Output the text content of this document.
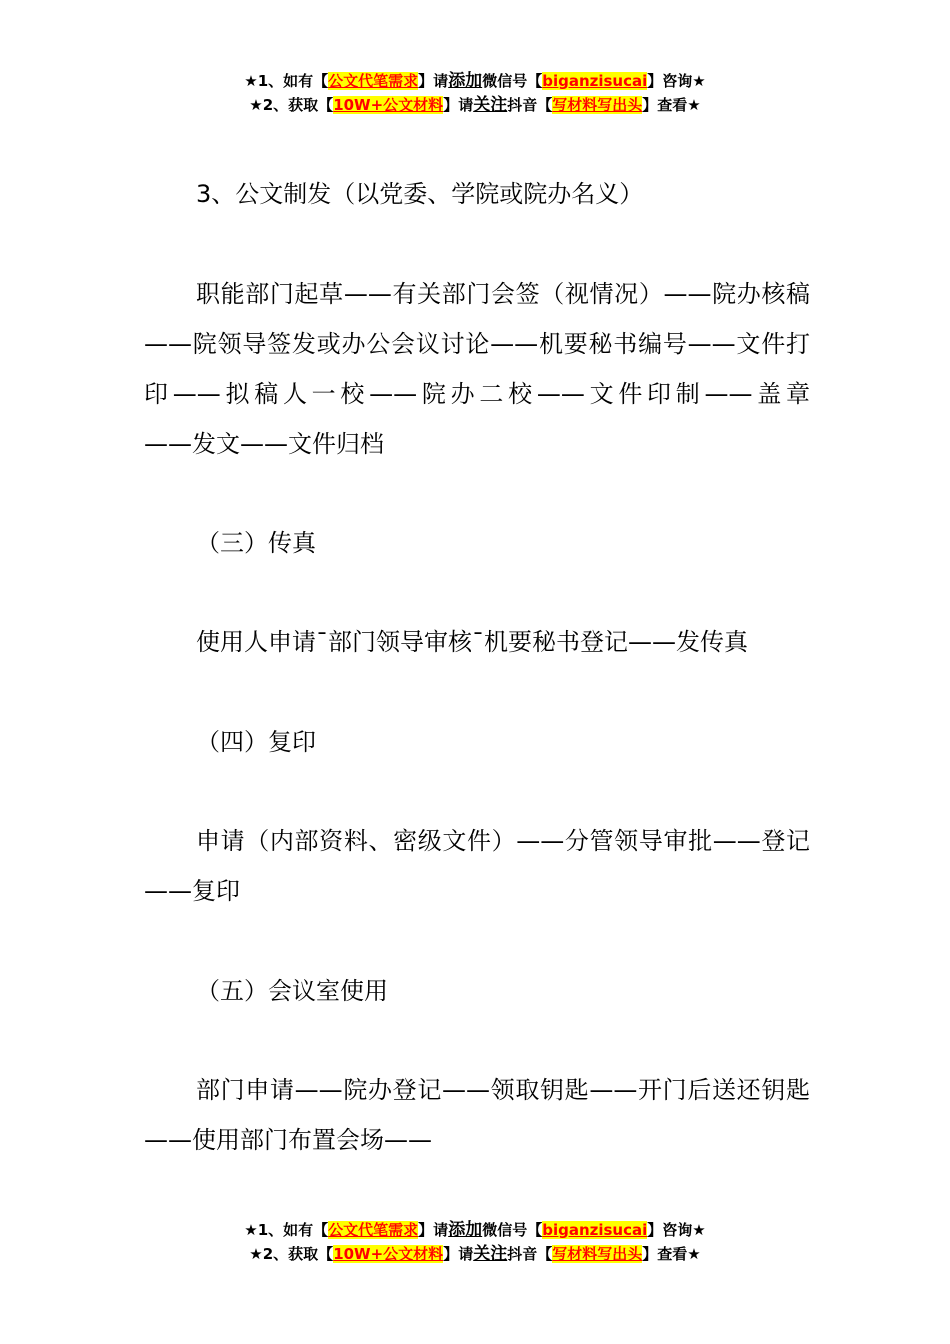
★1、如有【公文代笔需求】请添加微信号【biganzisucai】咨询★
★2、获取【10W+公文材料】请关注抖音【写材料写出头】查看★

3、公文制发（以党委、学院或院办名义）

职能部门起草——有关部门会签（视情况）——院办核稿——院领导签发或办公会议讨论——机要秘书编号——文件打印——拟稿人一校——院办二校——文件印制——盖章　　——发文——文件归档

（三）传真

使用人申请¯部门领导审核¯机要秘书登记——发传真

（四）复印

申请（内部资料、密级文件）——分管领导审批——登记——复印

（五）会议室使用

部门申请——院办登记——领取钥匙——开门后送还钥匙——使用部门布置会场——

★1、如有【公文代笔需求】请添加微信号【biganzisucai】咨询★
★2、获取【10W+公文材料】请关注抖音【写材料写出头】查看★
